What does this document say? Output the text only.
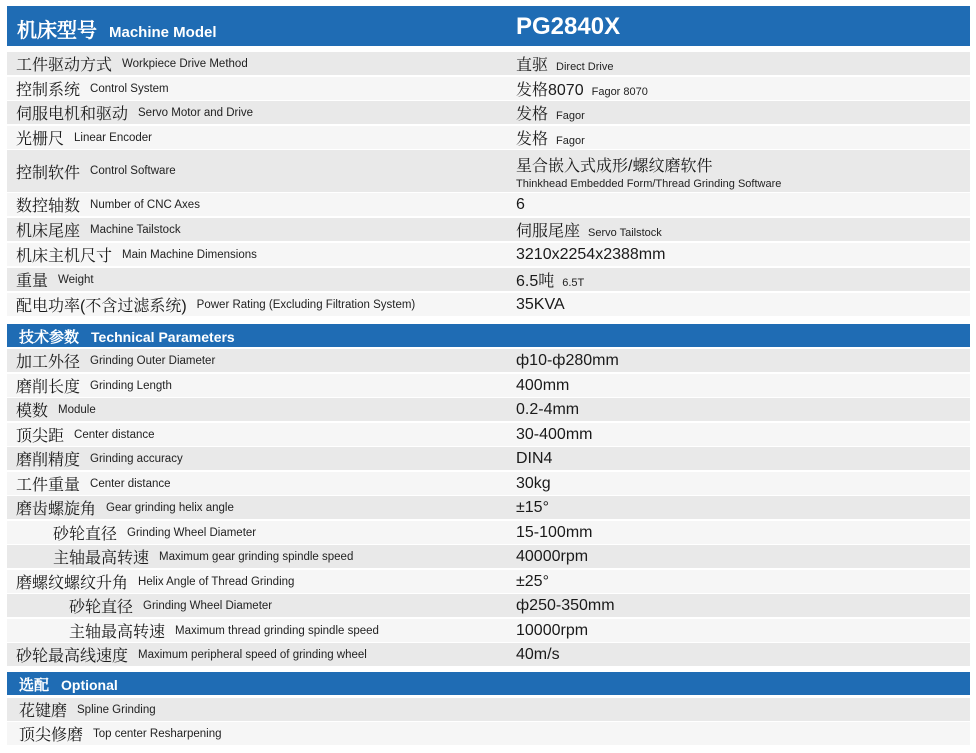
机床型号 Machine Model	PG2840X
工件驱动方式 Workpiece Drive Method	直驱 Direct Drive
控制系统 Control System	发格8070 Fagor 8070
伺服电机和驱动 Servo Motor and Drive	发格 Fagor
光栅尺 Linear Encoder	发格 Fagor
控制软件 Control Software	星合嵌入式成形/螺纹磨软件
Thinkhead Embedded Form/Thread Grinding Software
数控轴数 Number of CNC Axes	6
机床尾座 Machine Tailstock	伺服尾座 Servo Tailstock
机床主机尺寸 Main Machine Dimensions	3210x2254x2388mm
重量 Weight	6.5吨 6.5T
配电功率(不含过滤系统) Power Rating (Excluding Filtration System)	35KVA
技术参数 Technical Parameters
加工外径 Grinding Outer Diameter	ф10-ф280mm
磨削长度 Grinding Length	400mm
模数 Module	0.2-4mm
顶尖距 Center distance	30-400mm
磨削精度 Grinding accuracy	DIN4
工件重量 Center distance	30kg
磨齿螺旋角 Gear grinding helix angle	±15°
砂轮直径 Grinding Wheel Diameter	15-100mm
主轴最高转速 Maximum gear grinding spindle speed	40000rpm
磨螺纹螺纹升角 Helix Angle of Thread Grinding	±25°
砂轮直径 Grinding Wheel Diameter	ф250-350mm
主轴最高转速 Maximum thread grinding spindle speed	10000rpm
砂轮最高线速度 Maximum peripheral speed of grinding wheel	40m/s
选配 Optional
花键磨 Spline Grinding
顶尖修磨 Top center Resharpening
